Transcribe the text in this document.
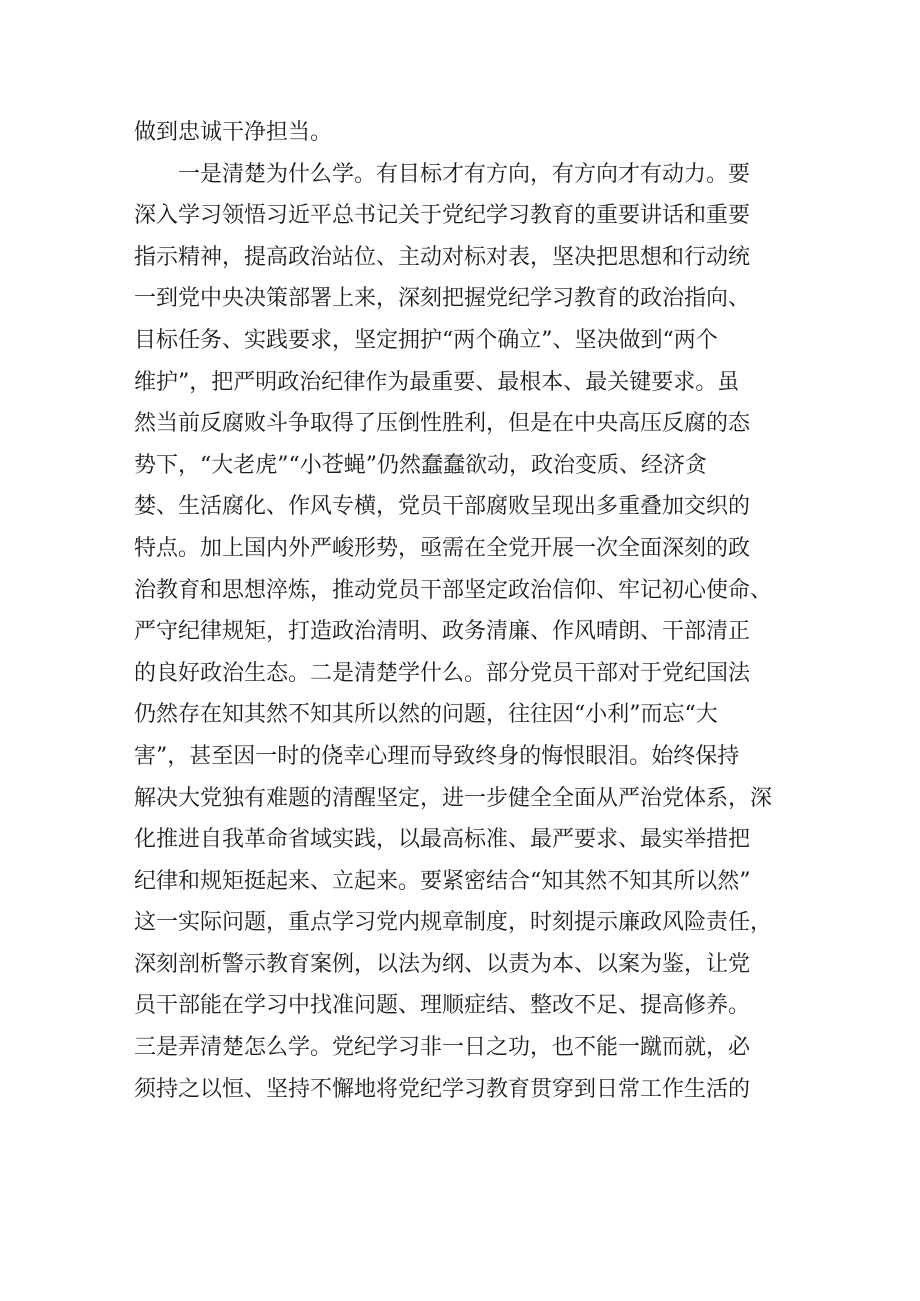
做到忠诚干净担当。
一是清楚为什么学。有目标才有方向，有方向才有动力。要
深入学习领悟习近平总书记关于党纪学习教育的重要讲话和重要
指示精神，提高政治站位、主动对标对表，坚决把思想和行动统
一到党中央决策部署上来，深刻把握党纪学习教育的政治指向、
目标任务、实践要求，坚定拥护“两个确立”、坚决做到“两个
维护”，把严明政治纪律作为最重要、最根本、最关键要求。虽
然当前反腐败斗争取得了压倒性胜利，但是在中央高压反腐的态
势下，“大老虎”“小苍蝇”仍然蠢蠢欲动，政治变质、经济贪
婪、生活腐化、作风专横，党员干部腐败呈现出多重叠加交织的
特点。加上国内外严峻形势，亟需在全党开展一次全面深刻的政
治教育和思想淬炼，推动党员干部坚定政治信仰、牢记初心使命、
严守纪律规矩，打造政治清明、政务清廉、作风晴朗、干部清正
的良好政治生态。二是清楚学什么。部分党员干部对于党纪国法
仍然存在知其然不知其所以然的问题，往往因“小利”而忘“大
害”，甚至因一时的侥幸心理而导致终身的悔恨眼泪。始终保持
解决大党独有难题的清醒坚定，进一步健全全面从严治党体系，深
化推进自我革命省域实践，以最高标准、最严要求、最实举措把
纪律和规矩挺起来、立起来。要紧密结合“知其然不知其所以然”
这一实际问题，重点学习党内规章制度，时刻提示廉政风险责任，
深刻剖析警示教育案例，以法为纲、以责为本、以案为鉴，让党
员干部能在学习中找准问题、理顺症结、整改不足、提高修养。
三是弄清楚怎么学。党纪学习非一日之功，也不能一蹴而就，必
须持之以恒、坚持不懈地将党纪学习教育贯穿到日常工作生活的
